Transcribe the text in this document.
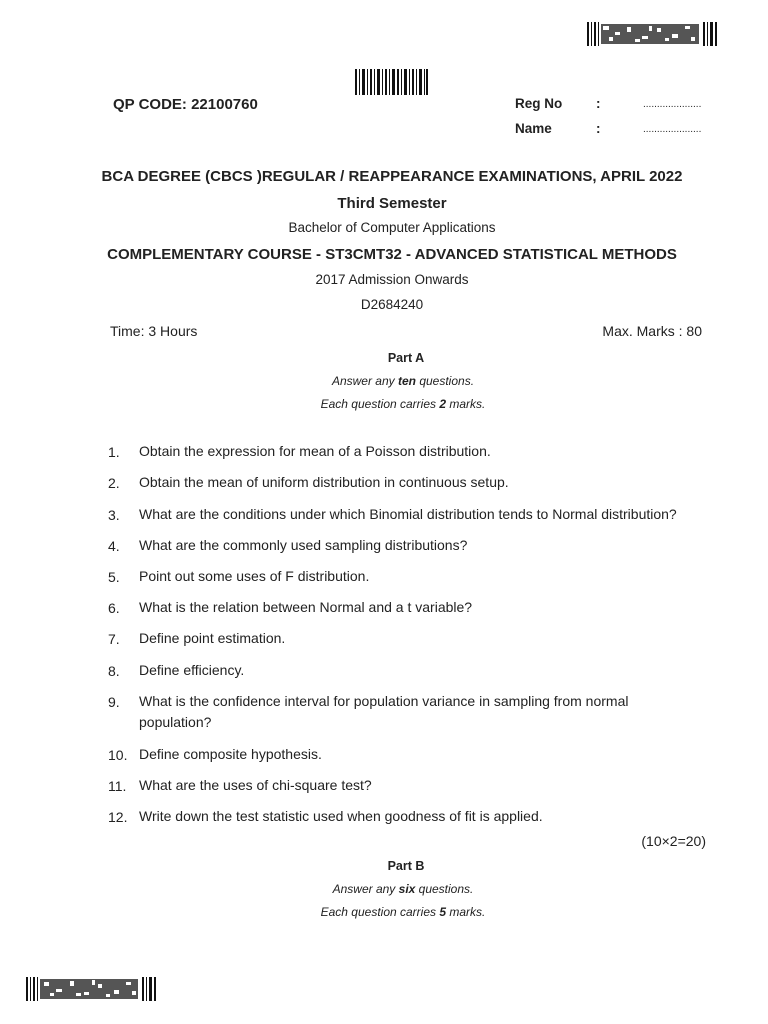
QP CODE: 22100760	Reg No	:	.....................
Name	:	.....................
BCA DEGREE (CBCS )REGULAR / REAPPEARANCE EXAMINATIONS, APRIL 2022
Third Semester
Bachelor of Computer Applications
COMPLEMENTARY COURSE - ST3CMT32 - ADVANCED STATISTICAL METHODS
2017 Admission Onwards
D2684240
Time: 3 Hours	Max. Marks : 80
Part A
Answer any ten questions.
Each question carries 2 marks.
1. Obtain the expression for mean of a Poisson distribution.
2. Obtain the mean of uniform distribution in continuous setup.
3. What are the conditions under which Binomial distribution tends to Normal distribution?
4. What are the commonly used sampling distributions?
5. Point out some uses of F distribution.
6. What is the relation between Normal and a t variable?
7. Define point estimation.
8. Define efficiency.
9. What is the confidence interval for population variance in sampling from normal population?
10. Define composite hypothesis.
11. What are the uses of chi-square test?
12. Write down the test statistic used when goodness of fit is applied.
(10×2=20)
Part B
Answer any six questions.
Each question carries 5 marks.
